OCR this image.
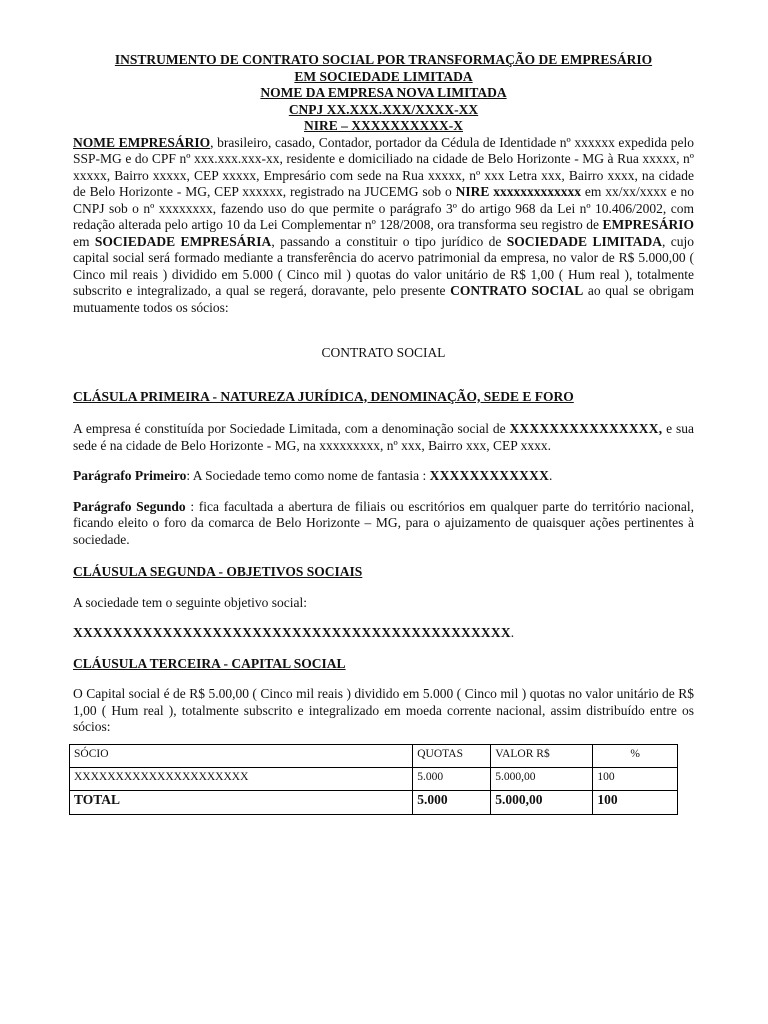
INSTRUMENTO DE CONTRATO SOCIAL POR TRANSFORMAÇÃO DE EMPRESÁRIO

EM SOCIEDADE LIMITADA

NOME DA EMPRESA NOVA LIMITADA

CNPJ XX.XXX.XXX/XXXX-XX

NIRE – XXXXXXXXXX-X

NOME EMPRESÁRIO, brasileiro, casado, Contador, portador da Cédula de Identidade nº xxxxxx expedida pelo SSP-MG e do CPF nº xxx.xxx.xxx-xx, residente e domiciliado na cidade de Belo Horizonte - MG à Rua xxxxx, nº xxxxx, Bairro xxxxx, CEP xxxxx, Empresário com sede na Rua xxxxx, nº xxx Letra xxx, Bairro xxxx, na cidade de Belo Horizonte - MG, CEP xxxxxx, registrado na JUCEMG sob o NIRE xxxxxxxxxxxxx em xx/xx/xxxx e no CNPJ sob o nº xxxxxxxx, fazendo uso do que permite o parágrafo 3º do artigo 968 da Lei nº 10.406/2002, com redação alterada pelo artigo 10 da Lei Complementar nº 128/2008, ora transforma seu registro de EMPRESÁRIO em SOCIEDADE EMPRESÁRIA, passando a constituir o tipo jurídico de SOCIEDADE LIMITADA, cujo capital social será formado mediante a transferência do acervo patrimonial da empresa, no valor de R$ 5.000,00 ( Cinco mil reais ) dividido em 5.000 ( Cinco mil ) quotas do valor unitário de R$ 1,00 ( Hum real ), totalmente subscrito e integralizado, a qual se regerá, doravante, pelo presente CONTRATO SOCIAL ao qual se obrigam mutuamente todos os sócios:

CONTRATO SOCIAL

CLÁSULA PRIMEIRA - NATUREZA JURÍDICA, DENOMINAÇÃO, SEDE E FORO

A empresa é constituída por Sociedade Limitada, com a denominação social de XXXXXXXXXXXXXXX, e sua sede é na cidade de Belo Horizonte - MG, na xxxxxxxxx, nº xxx, Bairro xxx, CEP xxxx.

Parágrafo Primeiro: A Sociedade temo como nome de fantasia : XXXXXXXXXXXX.

Parágrafo Segundo : fica facultada a abertura de filiais ou escritórios em qualquer parte do território nacional, ficando eleito o foro da comarca de Belo Horizonte – MG, para o ajuizamento de quaisquer ações pertinentes à sociedade.

CLÁUSULA SEGUNDA - OBJETIVOS SOCIAIS

A sociedade tem o seguinte objetivo social:

XXXXXXXXXXXXXXXXXXXXXXXXXXXXXXXXXXXXXXXXXXXX.

CLÁUSULA TERCEIRA - CAPITAL SOCIAL

O Capital social é de R$ 5.00,00 ( Cinco mil reais ) dividido em 5.000 ( Cinco mil ) quotas no valor unitário de R$ 1,00 ( Hum real ), totalmente subscrito e integralizado em moeda corrente nacional, assim distribuído entre os sócios:

SÓCIO	QUOTAS	VALOR R$	%
XXXXXXXXXXXXXXXXXXXXX	5.000	5.000,00	100
TOTAL	5.000	5.000,00	100
